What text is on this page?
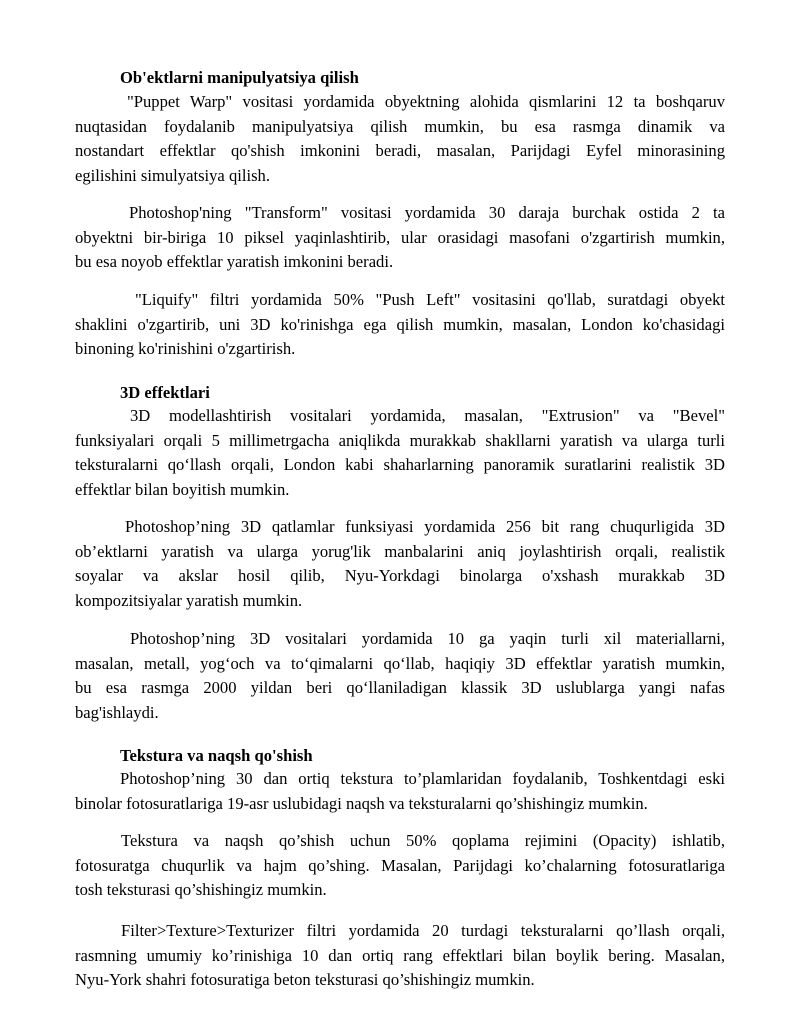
Ob'ektlarni manipulyatsiya qilish
"Puppet Warp" vositasi yordamida obyektning alohida qismlarini 12 ta boshqaruv
nuqtasidan foydalanib manipulyatsiya qilish mumkin, bu esa rasmga dinamik va
nostandart effektlar qo'shish imkonini beradi, masalan, Parijdagi Eyfel minorasining
egilishini simulyatsiya qilish.
Photoshop'ning "Transform" vositasi yordamida 30 daraja burchak ostida 2 ta
obyektni bir-biriga 10 piksel yaqinlashtirib, ular orasidagi masofani o'zgartirish mumkin,
bu esa noyob effektlar yaratish imkonini beradi.
"Liquify" filtri yordamida 50% "Push Left" vositasini qo'llab, suratdagi obyekt
shaklini o'zgartirib, uni 3D ko'rinishga ega qilish mumkin, masalan, London ko'chasidagi
binoning ko'rinishini o'zgartirish.
3D effektlari
3D modellashtirish vositalari yordamida, masalan, "Extrusion" va "Bevel"
funksiyalari orqali 5 millimetrgacha aniqlikda murakkab shakllarni yaratish va ularga turli
teksturalarni qo‘llash orqali, London kabi shaharlarning panoramik suratlarini realistik 3D
effektlar bilan boyitish mumkin.
Photoshop’ning 3D qatlamlar funksiyasi yordamida 256 bit rang chuqurligida 3D
ob’ektlarni yaratish va ularga yorug'lik manbalarini aniq joylashtirish orqali, realistik
soyalar va akslar hosil qilib, Nyu-Yorkdagi binolarga o'xshash murakkab 3D
kompozitsiyalar yaratish mumkin.
Photoshop’ning 3D vositalari yordamida 10 ga yaqin turli xil materiallarni,
masalan, metall, yog‘och va to‘qimalarni qo‘llab, haqiqiy 3D effektlar yaratish mumkin,
bu esa rasmga 2000 yildan beri qo‘llaniladigan klassik 3D uslublarga yangi nafas
bag'ishlaydi.
Tekstura va naqsh qo'shish
Photoshop’ning 30 dan ortiq tekstura to’plamlaridan foydalanib, Toshkentdagi eski
binolar fotosuratlariga 19-asr uslubidagi naqsh va teksturalarni qo’shishingiz mumkin.
Tekstura va naqsh qo’shish uchun 50% qoplama rejimini (Opacity) ishlatib,
fotosuratga chuqurlik va hajm qo’shing. Masalan, Parijdagi ko’chalarning fotosuratlariga
tosh teksturasi qo’shishingiz mumkin.
Filter>Texture>Texturizer filtri yordamida 20 turdagi teksturalarni qo’llash orqali,
rasmning umumiy ko’rinishiga 10 dan ortiq rang effektlari bilan boylik bering. Masalan,
Nyu-York shahri fotosuratiga beton teksturasi qo’shishingiz mumkin.
